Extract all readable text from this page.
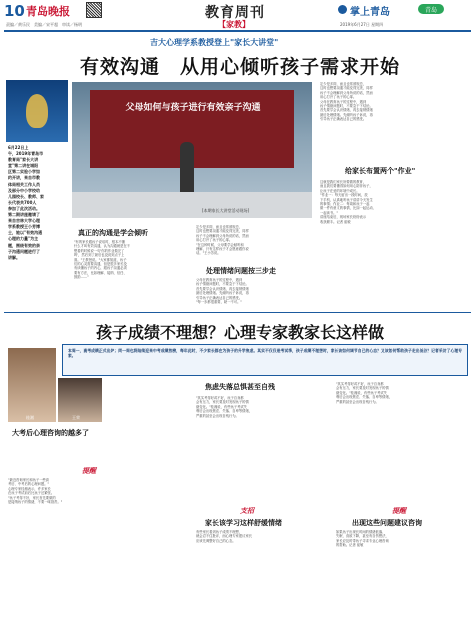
10 青岛晚报	教育周刊
【家教】
掌上青岛	青岛
责编／黄乐民　美编／宋平超　审读／杨明	2019年6月27日 星期四
吉大心理学系教授登上"家长大讲堂"
有效沟通　从用心倾听孩子需求开始
6月22日上
午，2019年青岛市
教育局"家长大讲
堂"第二讲在城阳
区第二实验小学如
约开讲，来自市教
体局相关工作人员
及部分中小学校幼
儿园校长、教师、家
长代表共700人
参加了此次活动。
第二期讲座邀请了
来自吉林大学心理
学系教授王小芳博
士，她以"有效沟通
心理的力量"为主
题，围绕有效的亲
子沟通问题进行了
讲解。
父母如何与孩子进行有效亲子沟通
[本期家长大讲堂活动现场]
真正的沟通是学会倾听
"有的家长跟孩子说话时，根本不懂
什么才叫有效沟通，认为沟通就是在不
想看的时候说一句'你的作业做完了
吗'，然后到了最后也没说到点子上
面。"王教授说。"大家都知道，孩子
们的心灵需要沟通，但是很多家长没
有读懂孩子的内心，跟孩子沟通必须
要有方法，比如理解、接纳、信任、
鼓励……"
定少是多即，而且也常被规忌，
这时也想要沟通才能变得完美，同样
孩子不会理解到父母所说的话，然而
用心打开了孩子的心扉。
"在这种时候，父母要学会倾听和
理解，只有这样孩子才会愿意跟你说
话。"王小芳说。
处理情绪问题按三步走
父母在教育孩子的过程中，遇到
孩子情绪问题时，不要急于下结论。
首先要学会认识情绪，再去接纳情绪
最后处理情绪。先倾听孩子诉说，再
引导孩子正确表达自己的感受。
"每一步都很重要，缺一不可。"
定少是多即，而且也常被规忌，
这时也想要沟通才能变得完美，同样
孩子不会理解到父母所说的话，然而
用心打开了孩子的心扉。
父母在教育孩子的过程中，遇到
孩子情绪问题时，不要急于下结论。
首先要学会认识情绪，再去接纳情绪
最后处理情绪。先倾听孩子诉说，再
引导孩子正确表达自己的感受。
给家长布置两个"作业"
这就是我们家长所要做的教育，
而且我们要懂得如何用心陪伴孩子，
让孩子在爱的环境中成长。
"作业一：每天留出一段时间，放
下手机，认真地听孩子讲讲今天发生
的事情；作业二：每周和孩子一起
做一件有意义的事情，比如一起运动、
一起读书。"
讲座结束后，现场家长纷纷表示
收获颇丰。记者 崔敏
孩子成绩不理想？心理专家教家长这样做
本周一，高考成绩正式出炉；同一周也将陆续迎来中考成绩放榜，每年此时，不少家长都在为孩子的升学焦虑。其实不仅仅是考试季，孩子成绩不理想时，家长该如何调节自己的心态？又该如何帮助孩子走出低谷？记者采访了心理专家。
桂湘	王荣
大考后心理咨询的越多了
提醒
"最近咨询家长和孩子一些高
考后、中考后的心理问题。"
心理专家桂湘表示，许多家长
在孩子考试前后比孩子还紧张。
"孩子考得不好，家长首先要做的
是接纳孩子的情绪，不要一味指责。"
焦虑失落总惧甚至自残
"其实考得好或不好，孩子自身都
会有压力，家长要及时发现孩子的情
绪变化。"桂湘说，有些孩子考试失
利后会出现焦虑、失落、自卑等情绪，
严重的甚至会出现自残行为。
支招
家长该学习这样舒缓情绪
有些家长看到孩子成绩不理想，
就会忍不住批评，而心理专家建议家长
应该先调整好自己的心态。
"其实考得好或不好，孩子自身都
会有压力，家长要及时发现孩子的情
绪变化。"桂湘说，有些孩子考试失
利后会出现焦虑、失落、自卑等情绪，
严重的甚至会出现自残行为。
提醒
出现这些问题建议咨询
如果孩子出现长时间的情绪低落、
失眠、食欲下降，甚至有自伤想法，
家长应及时带孩子寻求专业心理咨询
的帮助。记者 崔敏
